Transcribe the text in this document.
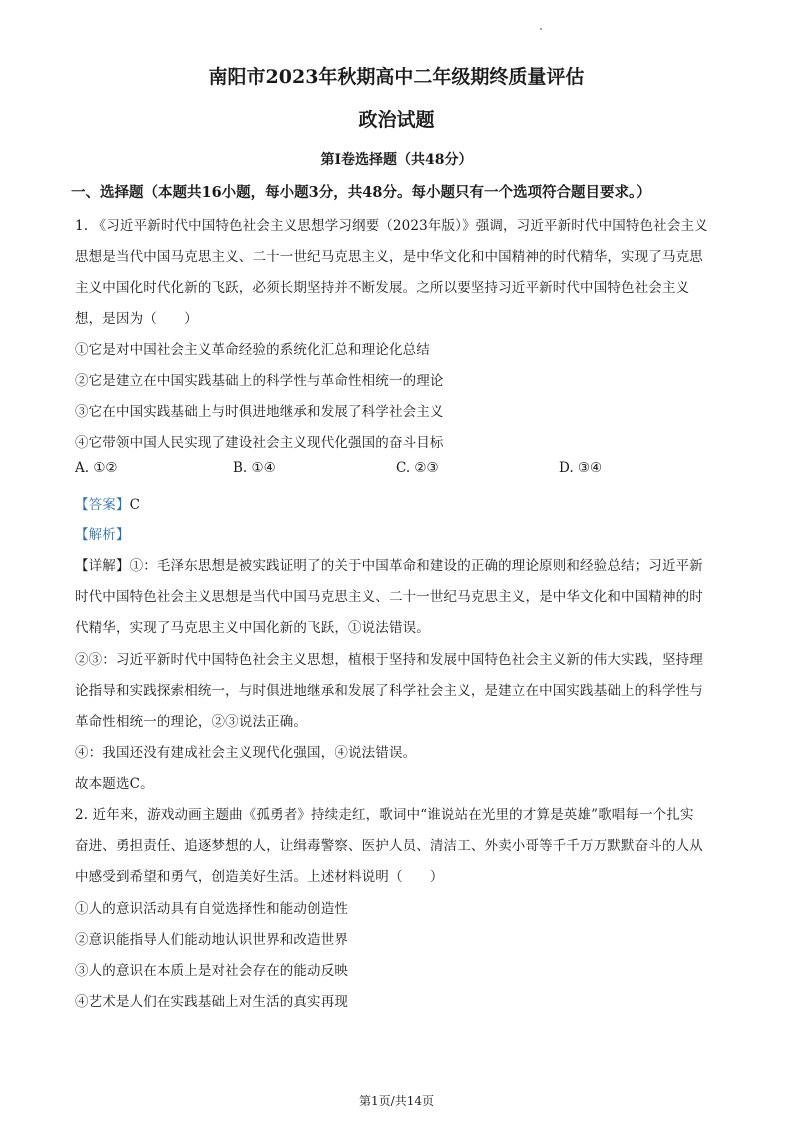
南阳市2023年秋期高中二年级期终质量评估
政治试题
第Ⅰ卷选择题（共48分）
一、选择题（本题共16小题，每小题3分，共48分。每小题只有一个选项符合题目要求。）
1. 《习近平新时代中国特色社会主义思想学习纲要（2023年版）》强调，习近平新时代中国特色社会主义
思想是当代中国马克思主义、二十一世纪马克思主义，是中华文化和中国精神的时代精华，实现了马克思
主义中国化时代化新的飞跃，必须长期坚持并不断发展。之所以要坚持习近平新时代中国特色社会主义
想，是因为（　　）
①它是对中国社会主义革命经验的系统化汇总和理论化总结
②它是建立在中国实践基础上的科学性与革命性相统一的理论
③它在中国实践基础上与时俱进地继承和发展了科学社会主义
④它带领中国人民实现了建设社会主义现代化强国的奋斗目标
A. ①②	B. ①④	C. ②③	D. ③④
【答案】C
【解析】
【详解】①：毛泽东思想是被实践证明了的关于中国革命和建设的正确的理论原则和经验总结；习近平新
时代中国特色社会主义思想是当代中国马克思主义、二十一世纪马克思主义，是中华文化和中国精神的时
代精华，实现了马克思主义中国化新的飞跃，①说法错误。
②③：习近平新时代中国特色社会主义思想，植根于坚持和发展中国特色社会主义新的伟大实践，坚持理
论指导和实践探索相统一，与时俱进地继承和发展了科学社会主义，是建立在中国实践基础上的科学性与
革命性相统一的理论，②③说法正确。
④：我国还没有建成社会主义现代化强国，④说法错误。
故本题选C。
2. 近年来，游戏动画主题曲《孤勇者》持续走红，歌词中“谁说站在光里的才算是英雄”歌唱每一个扎实
奋进、勇担责任、追逐梦想的人，让缉毒警察、医护人员、清洁工、外卖小哥等千千万万默默奋斗的人从
中感受到希望和勇气，创造美好生活。上述材料说明（　　）
①人的意识活动具有自觉选择性和能动创造性
②意识能指导人们能动地认识世界和改造世界
③人的意识在本质上是对社会存在的能动反映
④艺术是人们在实践基础上对生活的真实再现
第1页/共14页
